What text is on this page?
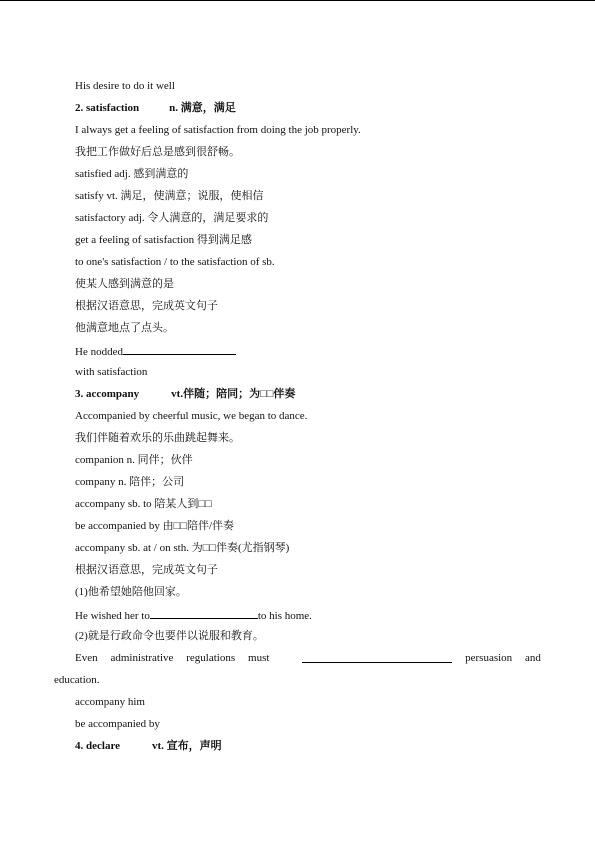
His desire to do it well
2. satisfaction	n. 满意，满足
I always get a feeling of satisfaction from doing the job properly.
我把工作做好后总是感到很舒畅。
satisfied adj. 感到满意的
satisfy vt. 满足，使满意；说服，使相信
satisfactory adj. 令人满意的，满足要求的
get a feeling of satisfaction 得到满足感
to one's satisfaction / to the satisfaction of sb.
使某人感到满意的是
根据汉语意思，完成英文句子
他满意地点了点头。
He nodded
with satisfaction
3. accompany	vt.伴随；陪同；为□□伴奏
Accompanied by cheerful music, we began to dance.
我们伴随着欢乐的乐曲跳起舞来。
companion n. 同伴；伙伴
company n. 陪伴；公司
accompany sb. to 陪某人到□□
be accompanied by 由□□陪伴/伴奏
accompany sb. at / on sth. 为□□伴奏(尤指钢琴)
根据汉语意思，完成英文句子
(1)他希望她陪他回家。
He wished her to	to his home.
(2)就是行政命令也要伴以说服和教育。
Even administrative regulations must	persuasion and
education.
accompany him
be accompanied by
4. declare	vt. 宣布，声明
